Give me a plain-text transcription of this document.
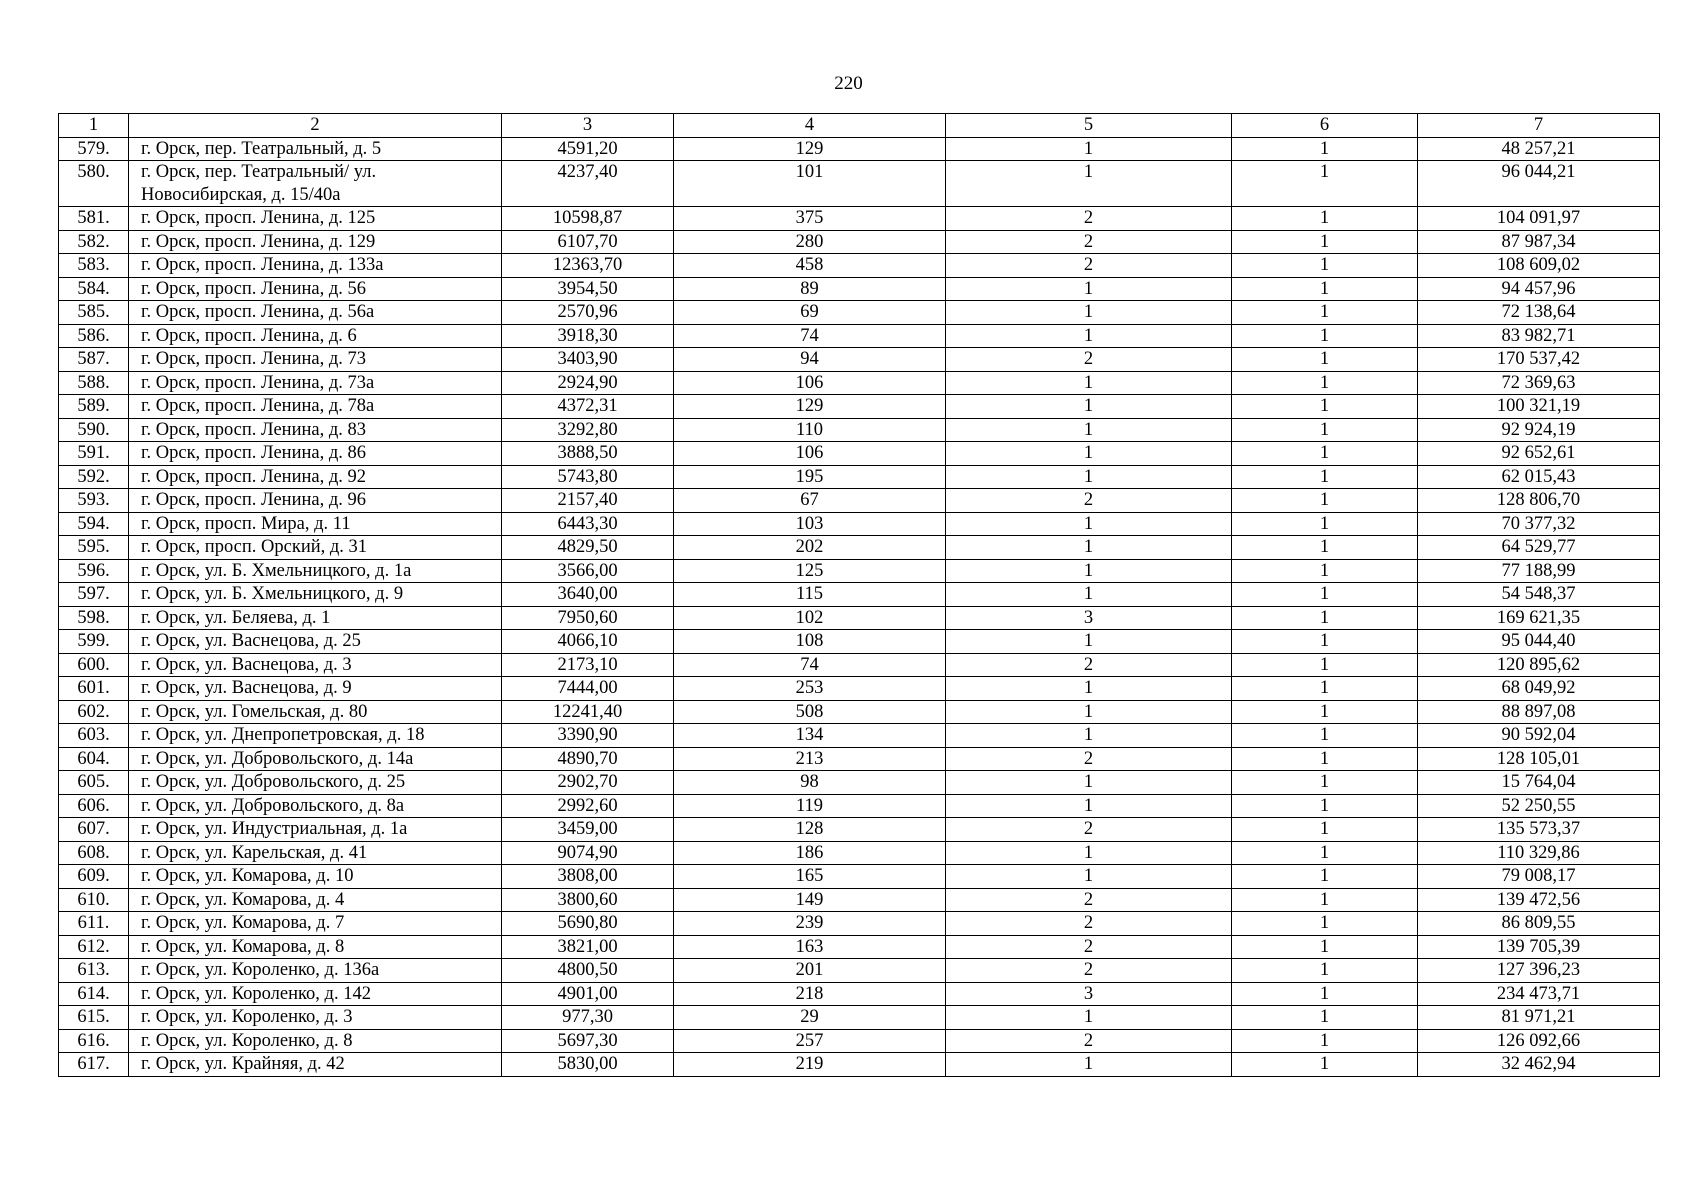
220
1	2	3	4	5	6	7
579.	г. Орск, пер. Театральный, д. 5	4591,20	129	1	1	48 257,21
580.	г. Орск, пер. Театральный/ ул. Новосибирская, д. 15/40а	4237,40	101	1	1	96 044,21
581.	г. Орск, просп. Ленина, д. 125	10598,87	375	2	1	104 091,97
582.	г. Орск, просп. Ленина, д. 129	6107,70	280	2	1	87 987,34
583.	г. Орск, просп. Ленина, д. 133а	12363,70	458	2	1	108 609,02
584.	г. Орск, просп. Ленина, д. 56	3954,50	89	1	1	94 457,96
585.	г. Орск, просп. Ленина, д. 56а	2570,96	69	1	1	72 138,64
586.	г. Орск, просп. Ленина, д. 6	3918,30	74	1	1	83 982,71
587.	г. Орск, просп. Ленина, д. 73	3403,90	94	2	1	170 537,42
588.	г. Орск, просп. Ленина, д. 73а	2924,90	106	1	1	72 369,63
589.	г. Орск, просп. Ленина, д. 78а	4372,31	129	1	1	100 321,19
590.	г. Орск, просп. Ленина, д. 83	3292,80	110	1	1	92 924,19
591.	г. Орск, просп. Ленина, д. 86	3888,50	106	1	1	92 652,61
592.	г. Орск, просп. Ленина, д. 92	5743,80	195	1	1	62 015,43
593.	г. Орск, просп. Ленина, д. 96	2157,40	67	2	1	128 806,70
594.	г. Орск, просп. Мира, д. 11	6443,30	103	1	1	70 377,32
595.	г. Орск, просп. Орский, д. 31	4829,50	202	1	1	64 529,77
596.	г. Орск, ул. Б. Хмельницкого, д. 1а	3566,00	125	1	1	77 188,99
597.	г. Орск, ул. Б. Хмельницкого, д. 9	3640,00	115	1	1	54 548,37
598.	г. Орск, ул. Беляева, д. 1	7950,60	102	3	1	169 621,35
599.	г. Орск, ул. Васнецова, д. 25	4066,10	108	1	1	95 044,40
600.	г. Орск, ул. Васнецова, д. 3	2173,10	74	2	1	120 895,62
601.	г. Орск, ул. Васнецова, д. 9	7444,00	253	1	1	68 049,92
602.	г. Орск, ул. Гомельская, д. 80	12241,40	508	1	1	88 897,08
603.	г. Орск, ул. Днепропетровская, д. 18	3390,90	134	1	1	90 592,04
604.	г. Орск, ул. Добровольского, д. 14а	4890,70	213	2	1	128 105,01
605.	г. Орск, ул. Добровольского, д. 25	2902,70	98	1	1	15 764,04
606.	г. Орск, ул. Добровольского, д. 8а	2992,60	119	1	1	52 250,55
607.	г. Орск, ул. Индустриальная, д. 1а	3459,00	128	2	1	135 573,37
608.	г. Орск, ул. Карельская, д. 41	9074,90	186	1	1	110 329,86
609.	г. Орск, ул. Комарова, д. 10	3808,00	165	1	1	79 008,17
610.	г. Орск, ул. Комарова, д. 4	3800,60	149	2	1	139 472,56
611.	г. Орск, ул. Комарова, д. 7	5690,80	239	2	1	86 809,55
612.	г. Орск, ул. Комарова, д. 8	3821,00	163	2	1	139 705,39
613.	г. Орск, ул. Короленко, д. 136а	4800,50	201	2	1	127 396,23
614.	г. Орск, ул. Короленко, д. 142	4901,00	218	3	1	234 473,71
615.	г. Орск, ул. Короленко, д. 3	977,30	29	1	1	81 971,21
616.	г. Орск, ул. Короленко, д. 8	5697,30	257	2	1	126 092,66
617.	г. Орск, ул. Крайняя, д. 42	5830,00	219	1	1	32 462,94
